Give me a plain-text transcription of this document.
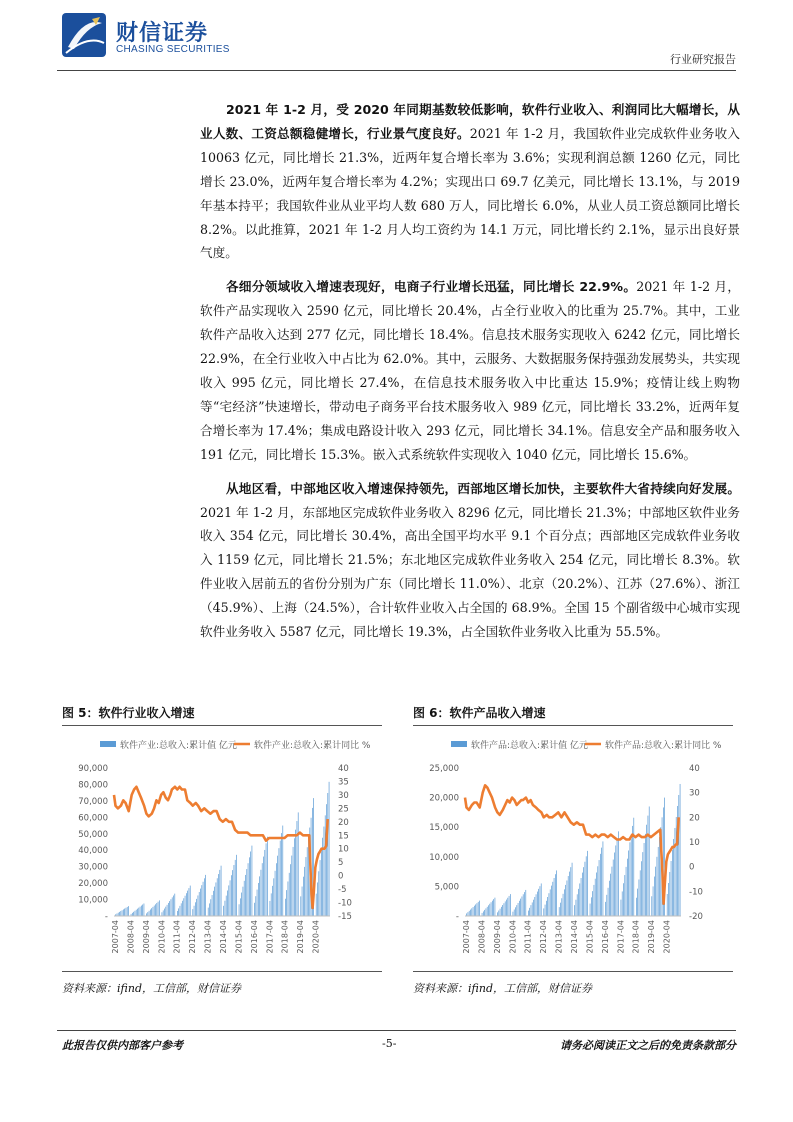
财信证券
CHASING SECURITIES
行业研究报告

2021 年 1-2 月，受 2020 年同期基数较低影响，软件行业收入、利润同比大幅增长，从业人数、工资总额稳健增长，行业景气度良好。2021 年 1-2 月，我国软件业完成软件业务收入 10063 亿元，同比增长 21.3%，近两年复合增长率为 3.6%；实现利润总额 1260 亿元，同比增长 23.0%，近两年复合增长率为 4.2%；实现出口 69.7 亿美元，同比增长 13.1%，与 2019 年基本持平；我国软件业从业平均人数 680 万人，同比增长 6.0%，从业人员工资总额同比增长 8.2%。以此推算，2021 年 1-2 月人均工资约为 14.1 万元，同比增长约 2.1%，显示出良好景气度。

各细分领域收入增速表现好，电商子行业增长迅猛，同比增长 22.9%。2021 年 1-2 月，软件产品实现收入 2590 亿元，同比增长 20.4%，占全行业收入的比重为 25.7%。其中，工业软件产品收入达到 277 亿元，同比增长 18.4%。信息技术服务实现收入 6242 亿元，同比增长 22.9%，在全行业收入中占比为 62.0%。其中，云服务、大数据服务保持强劲发展势头，共实现收入 995 亿元，同比增长 27.4%，在信息技术服务收入中比重达 15.9%；疫情让线上购物等“宅经济”快速增长，带动电子商务平台技术服务收入 989 亿元，同比增长 33.2%，近两年复合增长率为 17.4%；集成电路设计收入 293 亿元，同比增长 34.1%。信息安全产品和服务收入 191 亿元，同比增长 15.3%。嵌入式系统软件实现收入 1040 亿元，同比增长 15.6%。

从地区看，中部地区收入增速保持领先，西部地区增长加快，主要软件大省持续向好发展。2021 年 1-2 月，东部地区完成软件业务收入 8296 亿元，同比增长 21.3%；中部地区软件业务收入 354 亿元，同比增长 30.4%，高出全国平均水平 9.1 个百分点；西部地区完成软件业务收入 1159 亿元，同比增长 21.5%；东北地区完成软件业务收入 254 亿元，同比增长 8.3%。软件业收入居前五的省份分别为广东（同比增长 11.0%）、北京（20.2%）、江苏（27.6%）、浙江（45.9%）、上海（24.5%），合计软件业收入占全国的 68.9%。全国 15 个副省级中心城市实现软件业务收入 5587 亿元，同比增长 19.3%，占全国软件业务收入比重为 55.5%。

图 5：软件行业收入增速
软件产业:总收入:累计值 亿元 软件产业:总收入:累计同比 %
90,000
80,000
70,000
60,000
50,000
40,000
30,000
20,000
10,000
-
40
35
30
25
20
15
10
5
0
-5
-10
-15
2007-04 2008-04 2009-04 2010-04 2011-04 2012-04 2013-04 2014-04 2015-04 2016-04 2017-04 2018-04 2019-04 2020-04
资料来源：ifind，工信部，财信证券
图 6：软件产品收入增速
软件产品:总收入:累计值 亿元 软件产品:总收入:累计同比 %
25,000
20,000
15,000
10,000
5,000
-
40
30
20
10
0
-10
-20
2007-04 2008-04 2009-04 2010-04 2011-04 2012-04 2013-04 2014-04 2015-04 2016-04 2017-04 2018-04 2019-04 2020-04
资料来源：ifind，工信部，财信证券
此报告仅供内部客户参考	-5-	请务必阅读正文之后的免责条款部分
